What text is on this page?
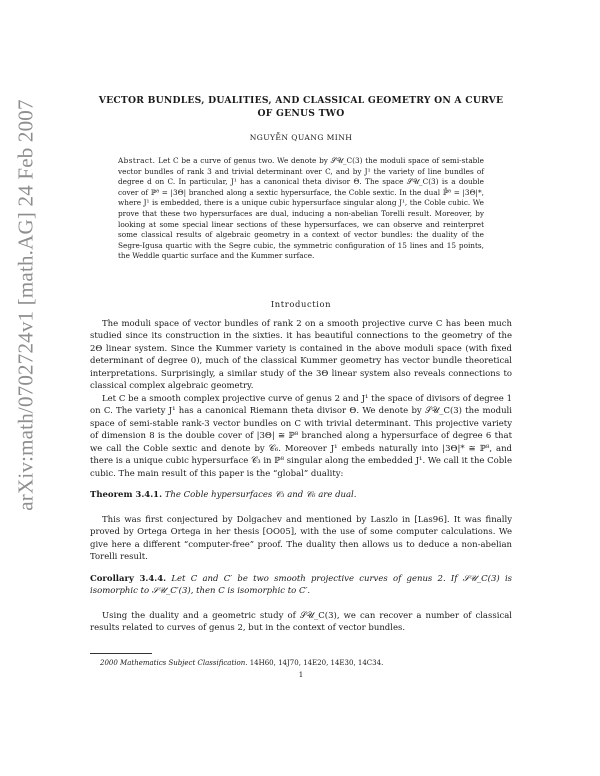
arXiv:math/0702724v1 [math.AG] 24 Feb 2007	VECTOR BUNDLES, DUALITIES, AND CLASSICAL GEOMETRY ON A CURVE OF GENUS TWO
NGUYỄN QUANG MINH
Abstract. Let C be a curve of genus two. We denote by 𝒮𝒰_C(3) the moduli space of semi-stable vector bundles of rank 3 and trivial determinant over C, and by J¹ the variety of line bundles of degree d on C. In particular, J¹ has a canonical theta divisor Θ. The space 𝒮𝒰_C(3) is a double cover of ℙ⁸ = |3Θ| branched along a sextic hypersurface, the Coble sextic. In the dual ℙ̂⁸ = |3Θ|*, where J¹ is embedded, there is a unique cubic hypersurface singular along J¹, the Coble cubic. We prove that these two hypersurfaces are dual, inducing a non-abelian Torelli result. Moreover, by looking at some special linear sections of these hypersurfaces, we can observe and reinterpret some classical results of algebraic geometry in a context of vector bundles: the duality of the Segre-Igusa quartic with the Segre cubic, the symmetric configuration of 15 lines and 15 points, the Weddle quartic surface and the Kummer surface.
Introduction

The moduli space of vector bundles of rank 2 on a smooth projective curve C has been much studied since its construction in the sixties. it has beautiful connections to the geometry of the 2Θ linear system. Since the Kummer variety is contained in the above moduli space (with fixed determinant of degree 0), much of the classical Kummer geometry has vector bundle theoretical interpretations. Surprisingly, a similar study of the 3Θ linear system also reveals connections to classical complex algebraic geometry.

Let C be a smooth complex projective curve of genus 2 and J¹ the space of divisors of degree 1 on C. The variety J¹ has a canonical Riemann theta divisor Θ. We denote by 𝒮𝒰_C(3) the moduli space of semi-stable rank-3 vector bundles on C with trivial determinant. This projective variety of dimension 8 is the double cover of |3Θ| ≅ ℙ⁸ branched along a hypersurface of degree 6 that we call the Coble sextic and denote by 𝒞₆. Moreover J¹ embeds naturally into |3Θ|* ≅ ℙ⁸, and there is a unique cubic hypersurface 𝒞₃ in ℙ⁸ singular along the embedded J¹. We call it the Coble cubic. The main result of this paper is the “global” duality:

Theorem 3.4.1. The Coble hypersurfaces 𝒞₃ and 𝒞₆ are dual.

This was first conjectured by Dolgachev and mentioned by Laszlo in [Las96]. It was finally proved by Ortega Ortega in her thesis [OO05], with the use of some computer calculations. We give here a different “computer-free” proof. The duality then allows us to deduce a non-abelian Torelli result.

Corollary 3.4.4. Let C and C′ be two smooth projective curves of genus 2. If 𝒮𝒰_C(3) is isomorphic to 𝒮𝒰_C′(3), then C is isomorphic to C′.

Using the duality and a geometric study of 𝒮𝒰_C(3), we can recover a number of classical results related to curves of genus 2, but in the context of vector bundles.

2000 Mathematics Subject Classification. 14H60, 14J70, 14E20, 14E30, 14C34.

1
